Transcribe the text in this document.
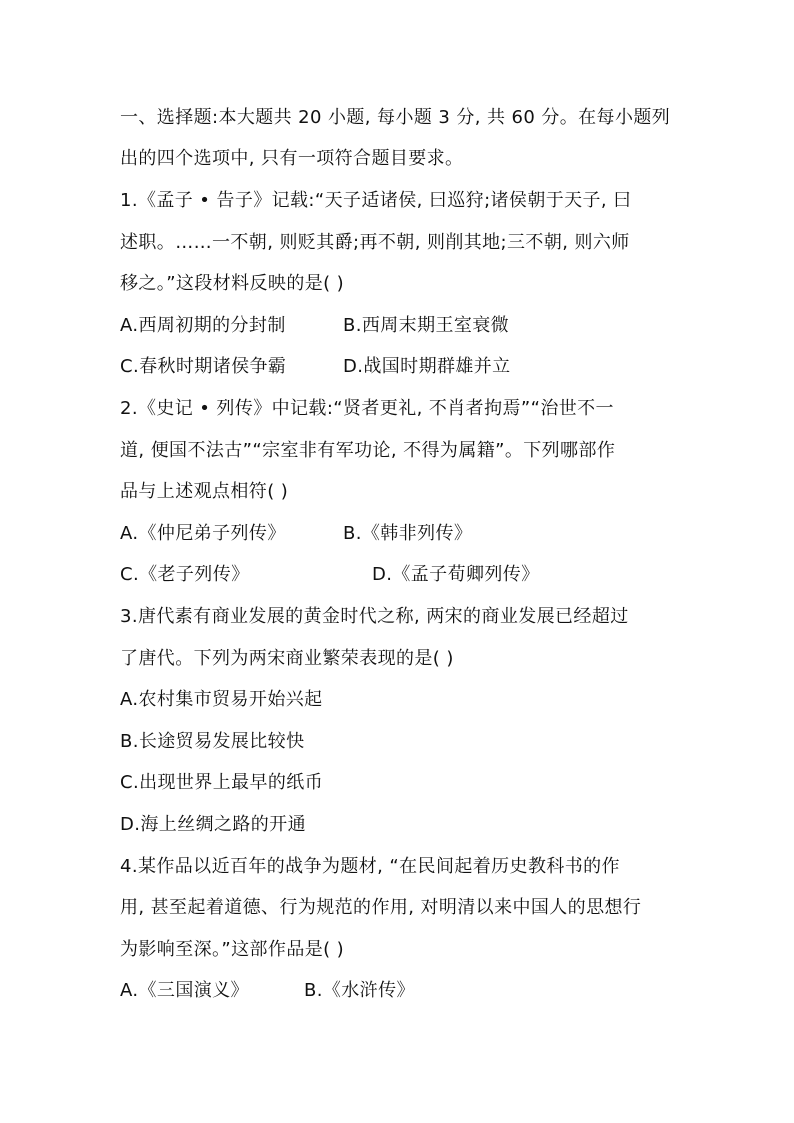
一、选择题:本大题共 20 小题, 每小题 3 分, 共 60 分。在每小题列
出的四个选项中, 只有一项符合题目要求。
1.《孟子 • 告子》记载:“天子适诸侯, 曰巡狩;诸侯朝于天子, 曰
述职。……一不朝, 则贬其爵;再不朝, 则削其地;三不朝, 则六师
移之。”这段材料反映的是( )
A.西周初期的分封制	B.西周末期王室衰微
C.春秋时期诸侯争霸	D.战国时期群雄并立
2.《史记 • 列传》中记载:“贤者更礼, 不肖者拘焉”“治世不一
道, 便国不法古”“宗室非有军功论, 不得为属籍”。下列哪部作
品与上述观点相符( )
A.《仲尼弟子列传》	B.《韩非列传》
C.《老子列传》	D.《孟子荀卿列传》
3.唐代素有商业发展的黄金时代之称, 两宋的商业发展已经超过
了唐代。下列为两宋商业繁荣表现的是( )
A.农村集市贸易开始兴起
B.长途贸易发展比较快
C.出现世界上最早的纸币
D.海上丝绸之路的开通
4.某作品以近百年的战争为题材, “在民间起着历史教科书的作
用, 甚至起着道德、行为规范的作用, 对明清以来中国人的思想行
为影响至深。”这部作品是( )
A.《三国演义》	B.《水浒传》
